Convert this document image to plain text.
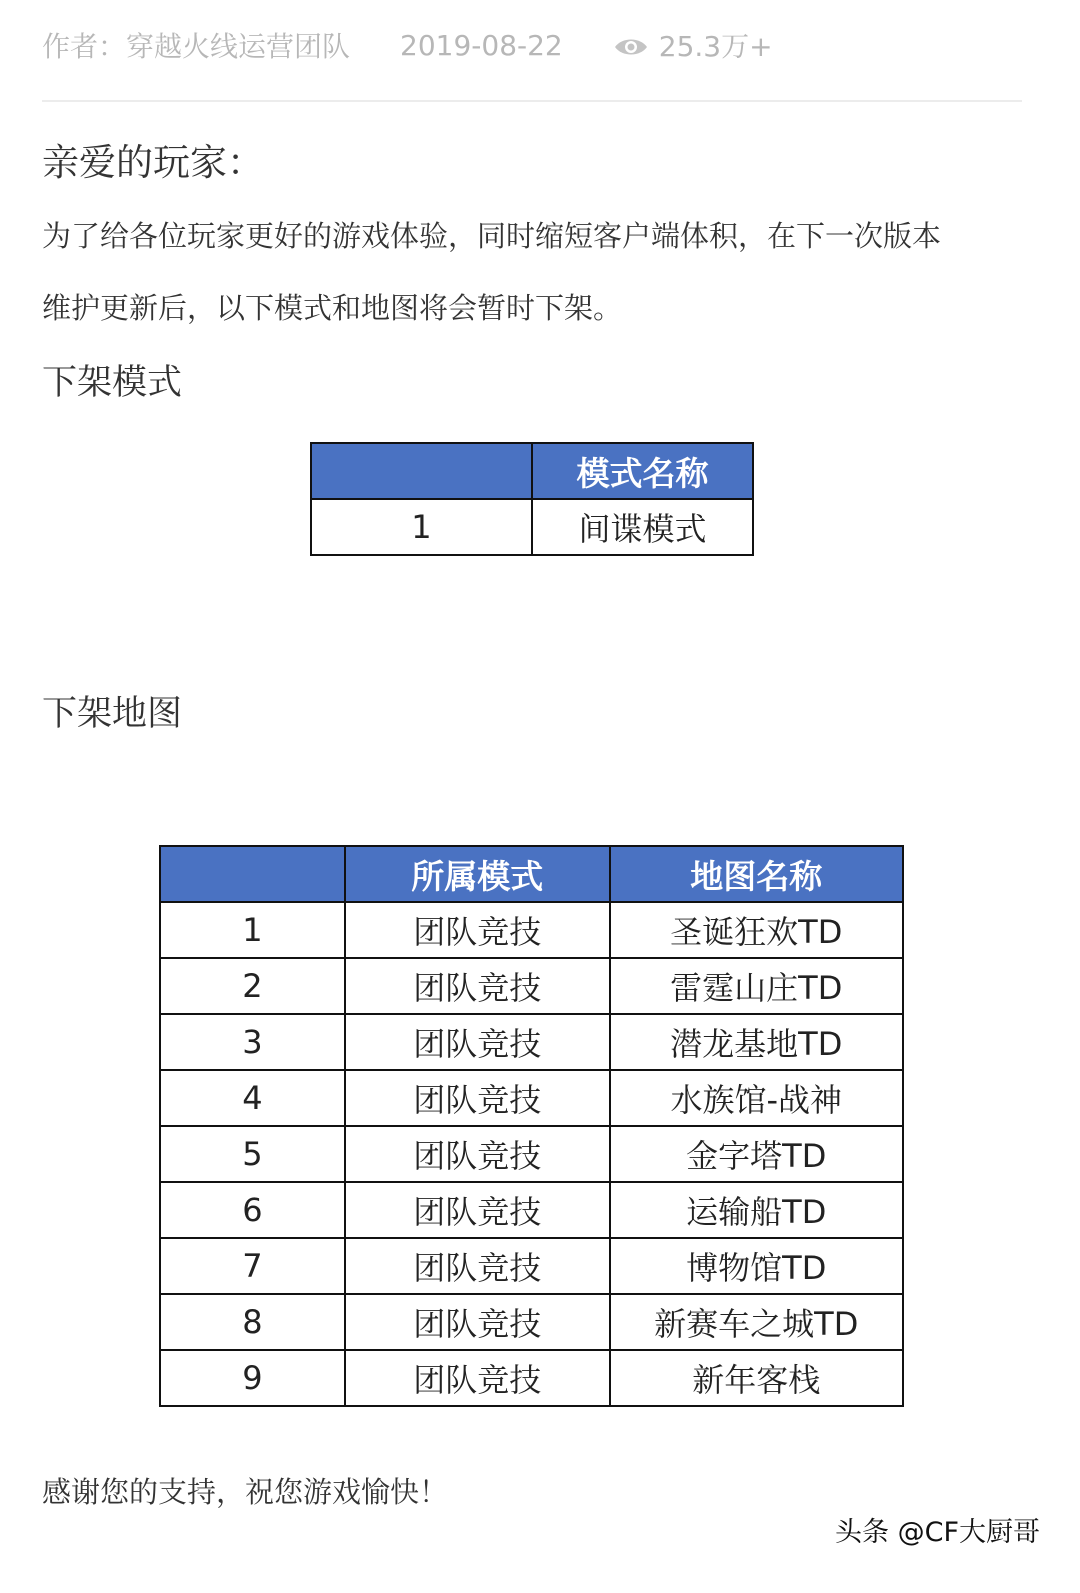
作者：穿越火线运营团队 2019-08-22	25.3万+
亲爱的玩家：
为了给各位玩家更好的游戏体验，同时缩短客户端体积，在下一次版本
维护更新后，以下模式和地图将会暂时下架。
下架模式
	模式名称
1	间谍模式
下架地图
	所属模式	地图名称
1	团队竞技	圣诞狂欢TD
2	团队竞技	雷霆山庄TD
3	团队竞技	潜龙基地TD
4	团队竞技	水族馆-战神
5	团队竞技	金字塔TD
6	团队竞技	运输船TD
7	团队竞技	博物馆TD
8	团队竞技	新赛车之城TD
9	团队竞技	新年客栈
感谢您的支持，祝您游戏愉快！
头条 @CF大厨哥
